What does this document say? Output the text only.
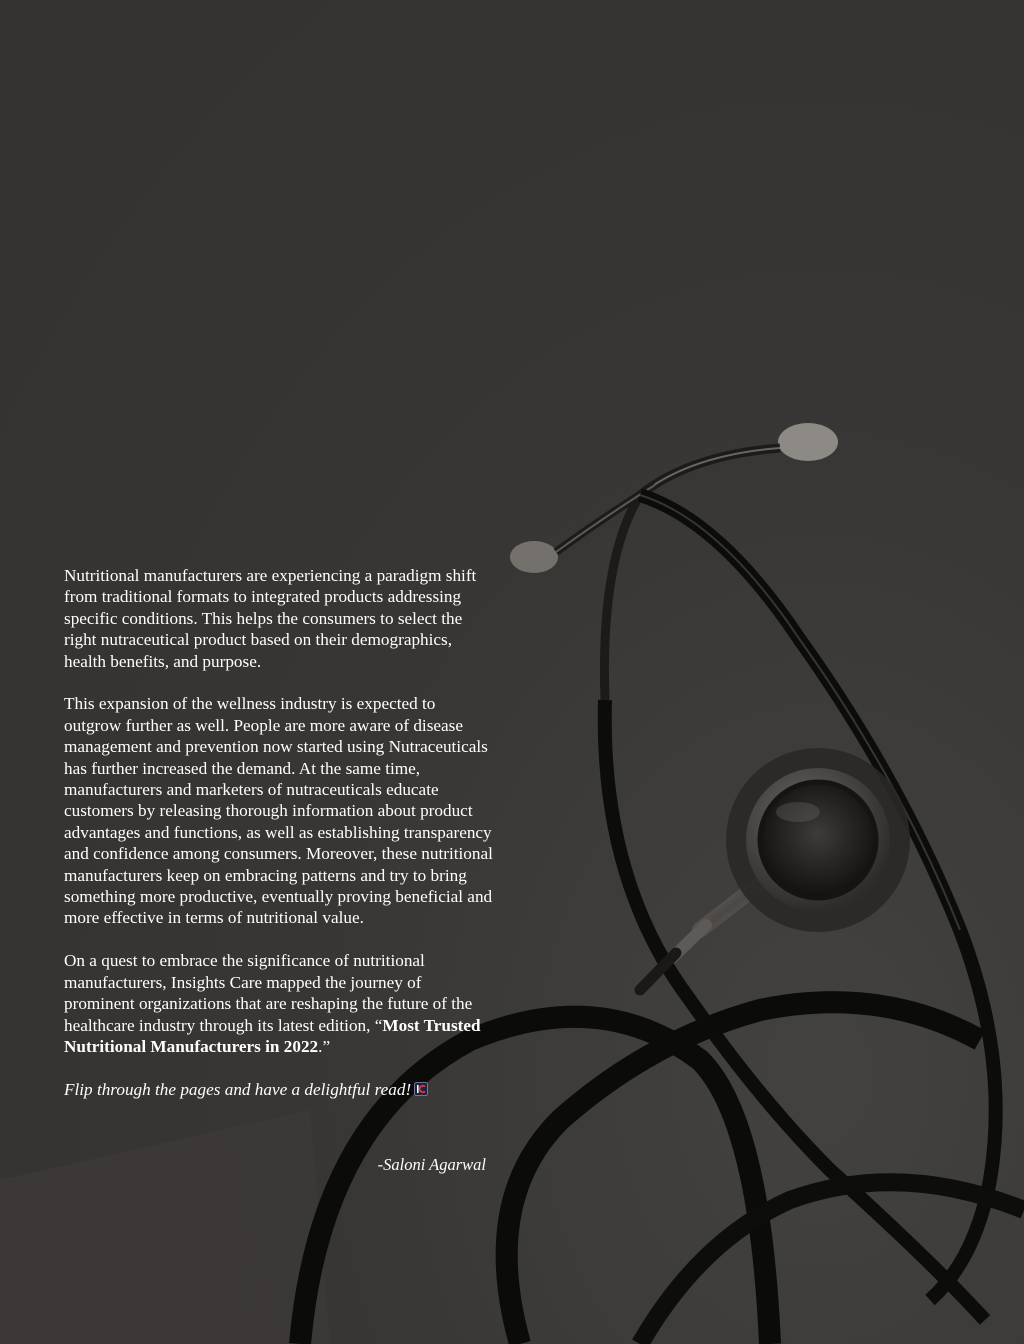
Nutritional manufacturers are experiencing a paradigm shift from traditional formats to integrated products addressing specific conditions. This helps the consumers to select the right nutraceutical product based on their demographics, health benefits, and purpose.

This expansion of the wellness industry is expected to outgrow further as well. People are more aware of disease management and prevention now started using Nutraceuticals has further increased the demand. At the same time, manufacturers and marketers of nutraceuticals educate customers by releasing thorough information about product advantages and functions, as well as establishing transparency and confidence among consumers. Moreover, these nutritional manufacturers keep on embracing patterns and try to bring something more productive, eventually proving beneficial and more effective in terms of nutritional value.

On a quest to embrace the significance of nutritional manufacturers, Insights Care mapped the journey of prominent organizations that are reshaping the future of the healthcare industry through its latest edition, “Most Trusted Nutritional Manufacturers in 2022.”

Flip through the pages and have a delightful read!

-Saloni Agarwal
